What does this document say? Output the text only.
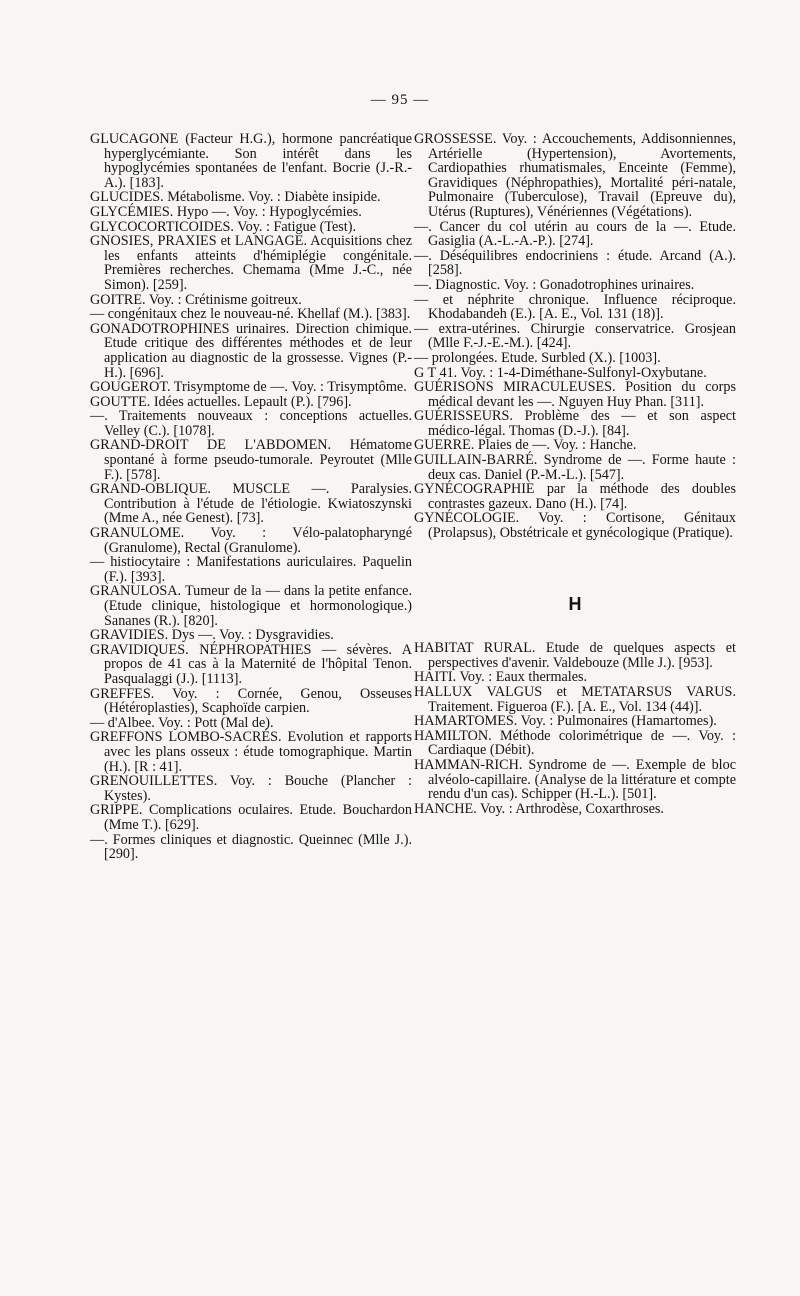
— 95 —

GLUCAGONE (Facteur H.G.), hormone pancréatique hyperglycémiante. Son intérêt dans les hypoglycémies spontanées de l'enfant. Bocrie (J.-R.-A.). [183].

GLUCIDES. Métabolisme. Voy. : Diabète insipide.

GLYCÉMIES. Hypo —. Voy. : Hypoglycémies.

GLYCOCORTICOIDES. Voy. : Fatigue (Test).

GNOSIES, PRAXIES et LANGAGE. Acquisitions chez les enfants atteints d'hémiplégie congénitale. Premières recherches. Chemama (Mme J.-C., née Simon). [259].

GOITRE. Voy. : Crétinisme goitreux.

— congénitaux chez le nouveau-né. Khellaf (M.). [383].

GONADOTROPHINES urinaires. Direction chimique. Etude critique des différentes méthodes et de leur application au diagnostic de la grossesse. Vignes (P.-H.). [696].

GOUGEROT. Trisymptome de —. Voy. : Trisymptôme.

GOUTTE. Idées actuelles. Lepault (P.). [796].

—. Traitements nouveaux : conceptions actuelles. Velley (C.). [1078].

GRAND-DROIT DE L'ABDOMEN. Hématome spontané à forme pseudo-tumorale. Peyroutet (Mlle F.). [578].

GRAND-OBLIQUE. MUSCLE —. Paralysies. Contribution à l'étude de l'étiologie. Kwiatoszynski (Mme A., née Genest). [73].

GRANULOME. Voy. : Vélo-palatopharyngé (Granulome), Rectal (Granulome).

— histiocytaire : Manifestations auriculaires. Paquelin (F.). [393].

GRANULOSA. Tumeur de la — dans la petite enfance. (Etude clinique, histologique et hormonologique.) Sananes (R.). [820].

GRAVIDIES. Dys —. Voy. : Dysgravidies.

GRAVIDIQUES. NÉPHROPATHIES — sévères. A propos de 41 cas à la Maternité de l'hôpital Tenon. Pasqualaggi (J.). [1113].

GREFFES. Voy. : Cornée, Genou, Osseuses (Hétéroplasties), Scaphoïde carpien.

— d'Albee. Voy. : Pott (Mal de).

GREFFONS LOMBO-SACRÉS. Evolution et rapports avec les plans osseux : étude tomographique. Martin (H.). [R : 41].

GRENOUILLETTES. Voy. : Bouche (Plancher : Kystes).

GRIPPE. Complications oculaires. Etude. Bouchardon (Mme T.). [629].

—. Formes cliniques et diagnostic. Queinnec (Mlle J.). [290].

GROSSESSE. Voy. : Accouchements, Addisonniennes, Artérielle (Hypertension), Avortements, Cardiopathies rhumatismales, Enceinte (Femme), Gravidiques (Néphropathies), Mortalité péri-natale, Pulmonaire (Tuberculose), Travail (Epreuve du), Utérus (Ruptures), Vénériennes (Végétations).

—. Cancer du col utérin au cours de la —. Etude. Gasiglia (A.-L.-A.-P.). [274].

—. Déséquilibres endocriniens : étude. Arcand (A.). [258].

—. Diagnostic. Voy. : Gonadotrophines urinaires.

— et néphrite chronique. Influence réciproque. Khodabandeh (E.). [A. E., Vol. 131 (18)].

— extra-utérines. Chirurgie conservatrice. Grosjean (Mlle F.-J.-E.-M.). [424].

— prolongées. Etude. Surbled (X.). [1003].

G T 41. Voy. : 1-4-Diméthane-Sulfonyl-Oxybutane.

GUÉRISONS MIRACULEUSES. Position du corps médical devant les —. Nguyen Huy Phan. [311].

GUÉRISSEURS. Problème des — et son aspect médico-légal. Thomas (D.-J.). [84].

GUERRE. Plaies de —. Voy. : Hanche.

GUILLAIN-BARRÉ. Syndrome de —. Forme haute : deux cas. Daniel (P.-M.-L.). [547].

GYNÉCOGRAPHIE par la méthode des doubles contrastes gazeux. Dano (H.). [74].

GYNÉCOLOGIE. Voy. : Cortisone, Génitaux (Prolapsus), Obstétricale et gynécologique (Pratique).

H

HABITAT RURAL. Etude de quelques aspects et perspectives d'avenir. Valdebouze (Mlle J.). [953].

HAITI. Voy. : Eaux thermales.

HALLUX VALGUS et METATARSUS VARUS. Traitement. Figueroa (F.). [A. E., Vol. 134 (44)].

HAMARTOMES. Voy. : Pulmonaires (Hamartomes).

HAMILTON. Méthode colorimétrique de —. Voy. : Cardiaque (Débit).

HAMMAN-RICH. Syndrome de —. Exemple de bloc alvéolo-capillaire. (Analyse de la littérature et compte rendu d'un cas). Schipper (H.-L.). [501].

HANCHE. Voy. : Arthrodèse, Coxarthroses.
